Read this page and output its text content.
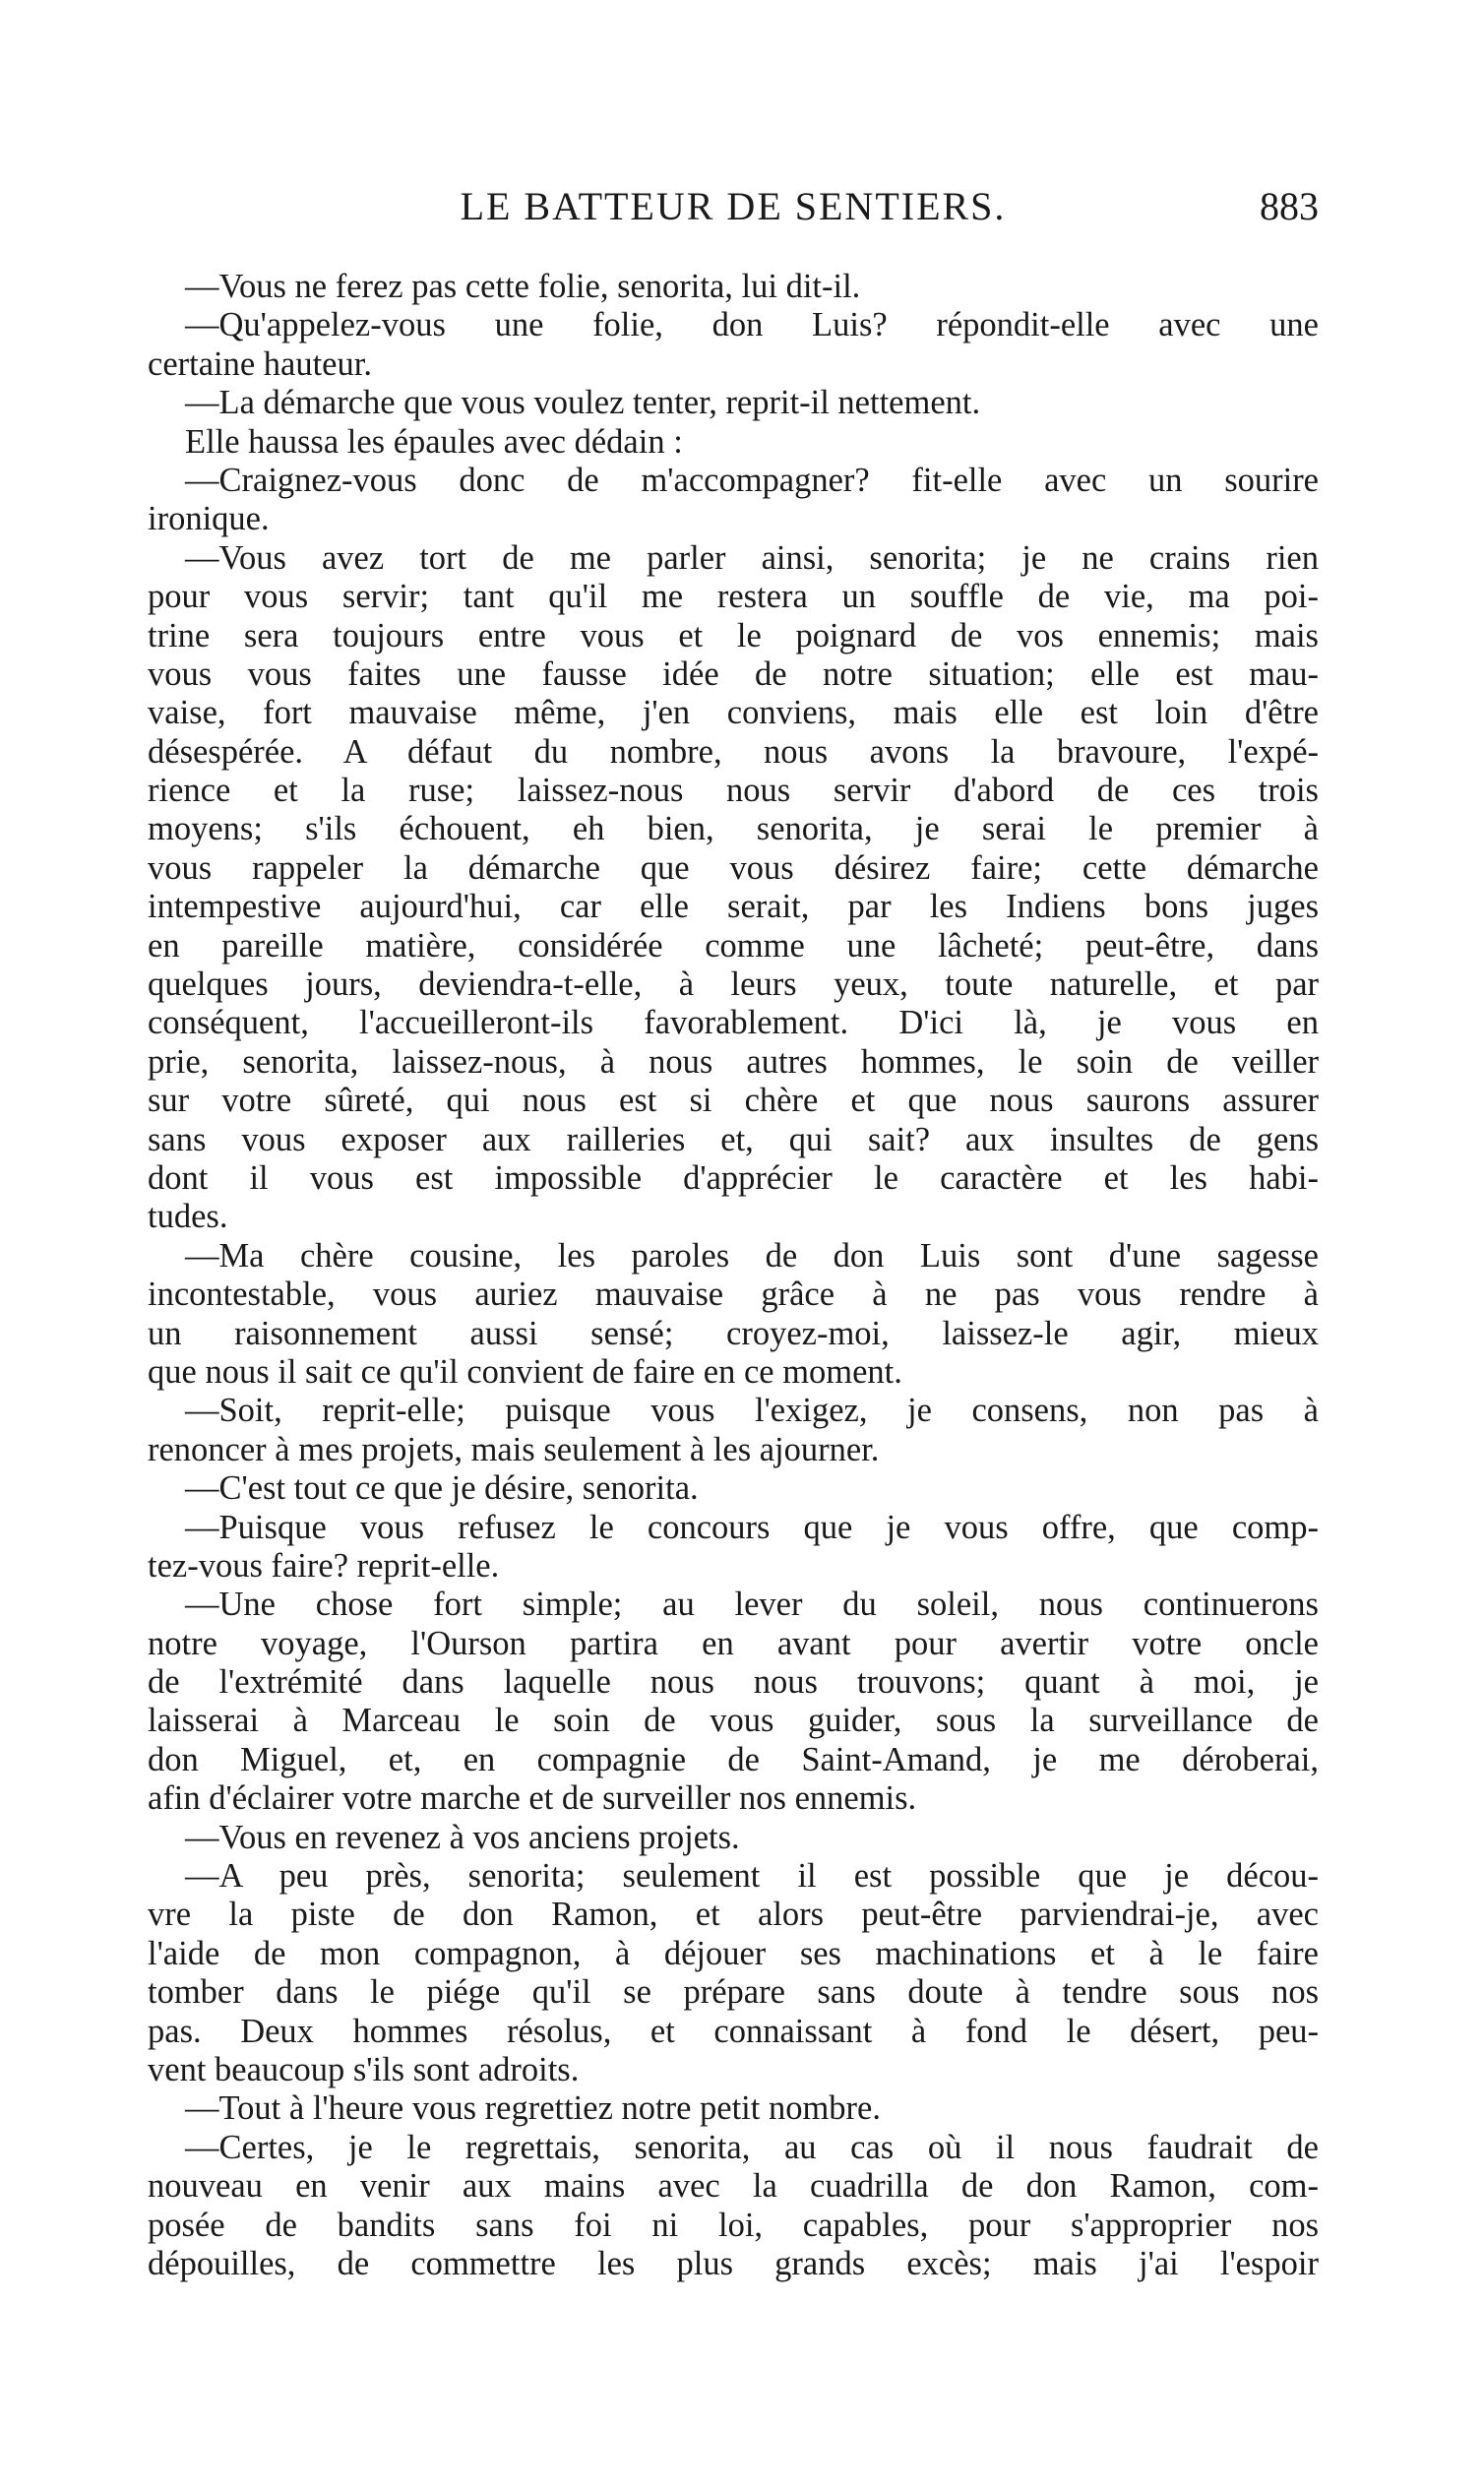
LE BATTEUR DE SENTIERS.	883
—Vous ne ferez pas cette folie, senorita, lui dit-il.
—Qu'appelez-vous une folie, don Luis? répondit-elle avec une
certaine hauteur.
—La démarche que vous voulez tenter, reprit-il nettement.
Elle haussa les épaules avec dédain :
—Craignez-vous donc de m'accompagner? fit-elle avec un sourire
ironique.
—Vous avez tort de me parler ainsi, senorita; je ne crains rien
pour vous servir; tant qu'il me restera un souffle de vie, ma poi-
trine sera toujours entre vous et le poignard de vos ennemis; mais
vous vous faites une fausse idée de notre situation; elle est mau-
vaise, fort mauvaise même, j'en conviens, mais elle est loin d'être
désespérée. A défaut du nombre, nous avons la bravoure, l'expé-
rience et la ruse; laissez-nous nous servir d'abord de ces trois
moyens; s'ils échouent, eh bien, senorita, je serai le premier à
vous rappeler la démarche que vous désirez faire; cette démarche
intempestive aujourd'hui, car elle serait, par les Indiens bons juges
en pareille matière, considérée comme une lâcheté; peut-être, dans
quelques jours, deviendra-t-elle, à leurs yeux, toute naturelle, et par
conséquent, l'accueilleront-ils favorablement. D'ici là, je vous en
prie, senorita, laissez-nous, à nous autres hommes, le soin de veiller
sur votre sûreté, qui nous est si chère et que nous saurons assurer
sans vous exposer aux railleries et, qui sait? aux insultes de gens
dont il vous est impossible d'apprécier le caractère et les habi-
tudes.
—Ma chère cousine, les paroles de don Luis sont d'une sagesse
incontestable, vous auriez mauvaise grâce à ne pas vous rendre à
un raisonnement aussi sensé; croyez-moi, laissez-le agir, mieux
que nous il sait ce qu'il convient de faire en ce moment.
—Soit, reprit-elle; puisque vous l'exigez, je consens, non pas à
renoncer à mes projets, mais seulement à les ajourner.
—C'est tout ce que je désire, senorita.
—Puisque vous refusez le concours que je vous offre, que comp-
tez-vous faire? reprit-elle.
—Une chose fort simple; au lever du soleil, nous continuerons
notre voyage, l'Ourson partira en avant pour avertir votre oncle
de l'extrémité dans laquelle nous nous trouvons; quant à moi, je
laisserai à Marceau le soin de vous guider, sous la surveillance de
don Miguel, et, en compagnie de Saint-Amand, je me déroberai,
afin d'éclairer votre marche et de surveiller nos ennemis.
—Vous en revenez à vos anciens projets.
—A peu près, senorita; seulement il est possible que je décou-
vre la piste de don Ramon, et alors peut-être parviendrai-je, avec
l'aide de mon compagnon, à déjouer ses machinations et à le faire
tomber dans le piége qu'il se prépare sans doute à tendre sous nos
pas. Deux hommes résolus, et connaissant à fond le désert, peu-
vent beaucoup s'ils sont adroits.
—Tout à l'heure vous regrettiez notre petit nombre.
—Certes, je le regrettais, senorita, au cas où il nous faudrait de
nouveau en venir aux mains avec la cuadrilla de don Ramon, com-
posée de bandits sans foi ni loi, capables, pour s'approprier nos
dépouilles, de commettre les plus grands excès; mais j'ai l'espoir
